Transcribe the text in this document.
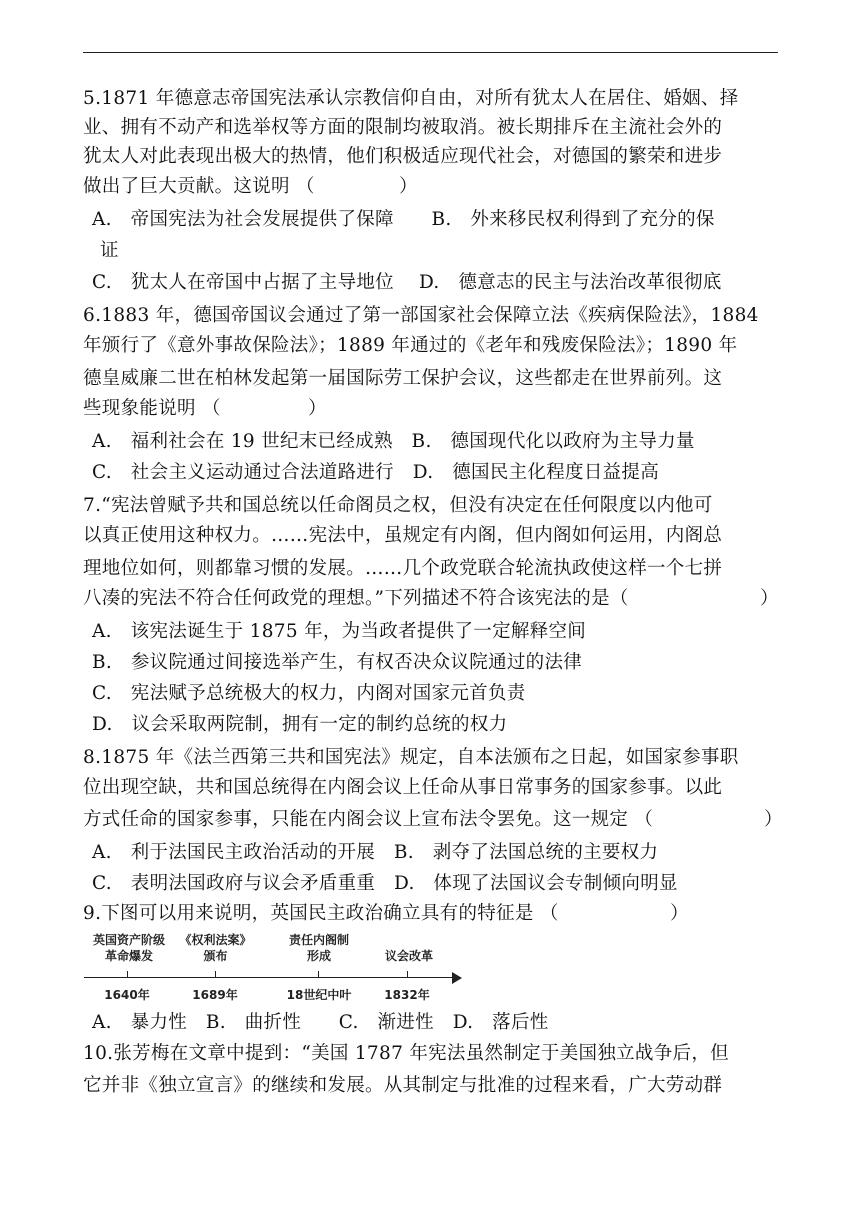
5.1871 年德意志帝国宪法承认宗教信仰自由，对所有犹太人在居住、婚姻、择
业、拥有不动产和选举权等方面的限制均被取消。被长期排斥在主流社会外的
犹太人对此表现出极大的热情，他们积极适应现代社会，对德国的繁荣和进步
做出了巨大贡献。这说明 （	）
A.　帝国宪法为社会发展提供了保障　　B.　外来移民权利得到了充分的保
证
C.　犹太人在帝国中占据了主导地位　 D.　德意志的民主与法治改革很彻底
6.1883 年，德国帝国议会通过了第一部国家社会保障立法《疾病保险法》，1884
年颁行了《意外事故保险法》；1889 年通过的《老年和残废保险法》；1890 年
德皇威廉二世在柏林发起第一届国际劳工保护会议，这些都走在世界前列。这
些现象能说明 （	）
A.　福利社会在 19 世纪末已经成熟　B.　德国现代化以政府为主导力量
C.　社会主义运动通过合法道路进行　D.　德国民主化程度日益提高
7.“宪法曾赋予共和国总统以任命阁员之权，但没有决定在任何限度以内他可
以真正使用这种权力。……宪法中，虽规定有内阁，但内阁如何运用，内阁总
理地位如何，则都靠习惯的发展。……几个政党联合轮流执政使这样一个七拼
八凑的宪法不符合任何政党的理想。”下列描述不符合该宪法的是（	）
A.　该宪法诞生于 1875 年，为当政者提供了一定解释空间
B.　参议院通过间接选举产生，有权否决众议院通过的法律
C.　宪法赋予总统极大的权力，内阁对国家元首负责
D.　议会采取两院制，拥有一定的制约总统的权力
8.1875 年《法兰西第三共和国宪法》规定，自本法颁布之日起，如国家参事职
位出现空缺，共和国总统得在内阁会议上任命从事日常事务的国家参事。以此
方式任命的国家参事，只能在内阁会议上宣布法令罢免。这一规定 （	）
A.　利于法国民主政治活动的开展　B.　剥夺了法国总统的主要权力
C.　表明法国政府与议会矛盾重重　D.　体现了法国议会专制倾向明显
9.下图可以用来说明，英国民主政治确立具有的特征是 （	）
英国资产阶级
革命爆发
《权利法案》
颁布
责任内阁制
形成	议会改革
1640年	1689年	18世纪中叶	1832年
A.　暴力性　B.　曲折性　　C.　渐进性　D.　落后性
10.张芳梅在文章中提到：“美国 1787 年宪法虽然制定于美国独立战争后，但
它并非《独立宣言》的继续和发展。从其制定与批准的过程来看，广大劳动群
